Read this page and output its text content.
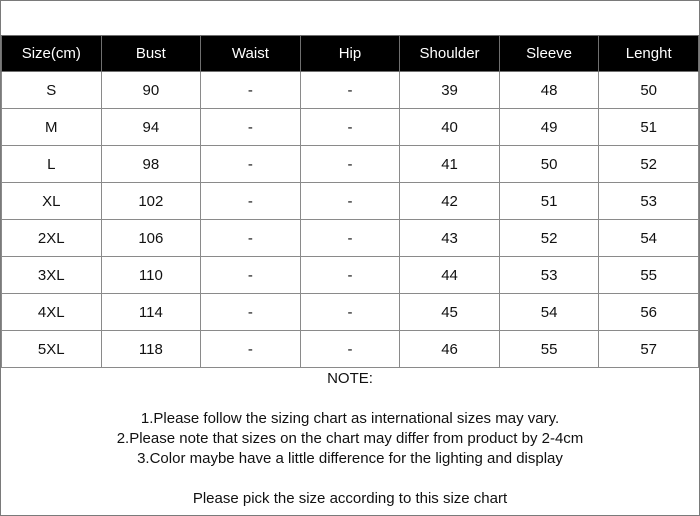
Size(cm)	Bust	Waist	Hip	Shoulder	Sleeve	Lenght
S	90	-	-	39	48	50
M	94	-	-	40	49	51
L	98	-	-	41	50	52
XL	102	-	-	42	51	53
2XL	106	-	-	43	52	54
3XL	110	-	-	44	53	55
4XL	114	-	-	45	54	56
5XL	118	-	-	46	55	57

NOTE:

1.Please follow the sizing chart as international sizes may vary.

2.Please note that sizes on the chart may differ from product by 2-4cm

3.Color maybe have a little difference for the lighting and display

Please pick the size according to this size chart
